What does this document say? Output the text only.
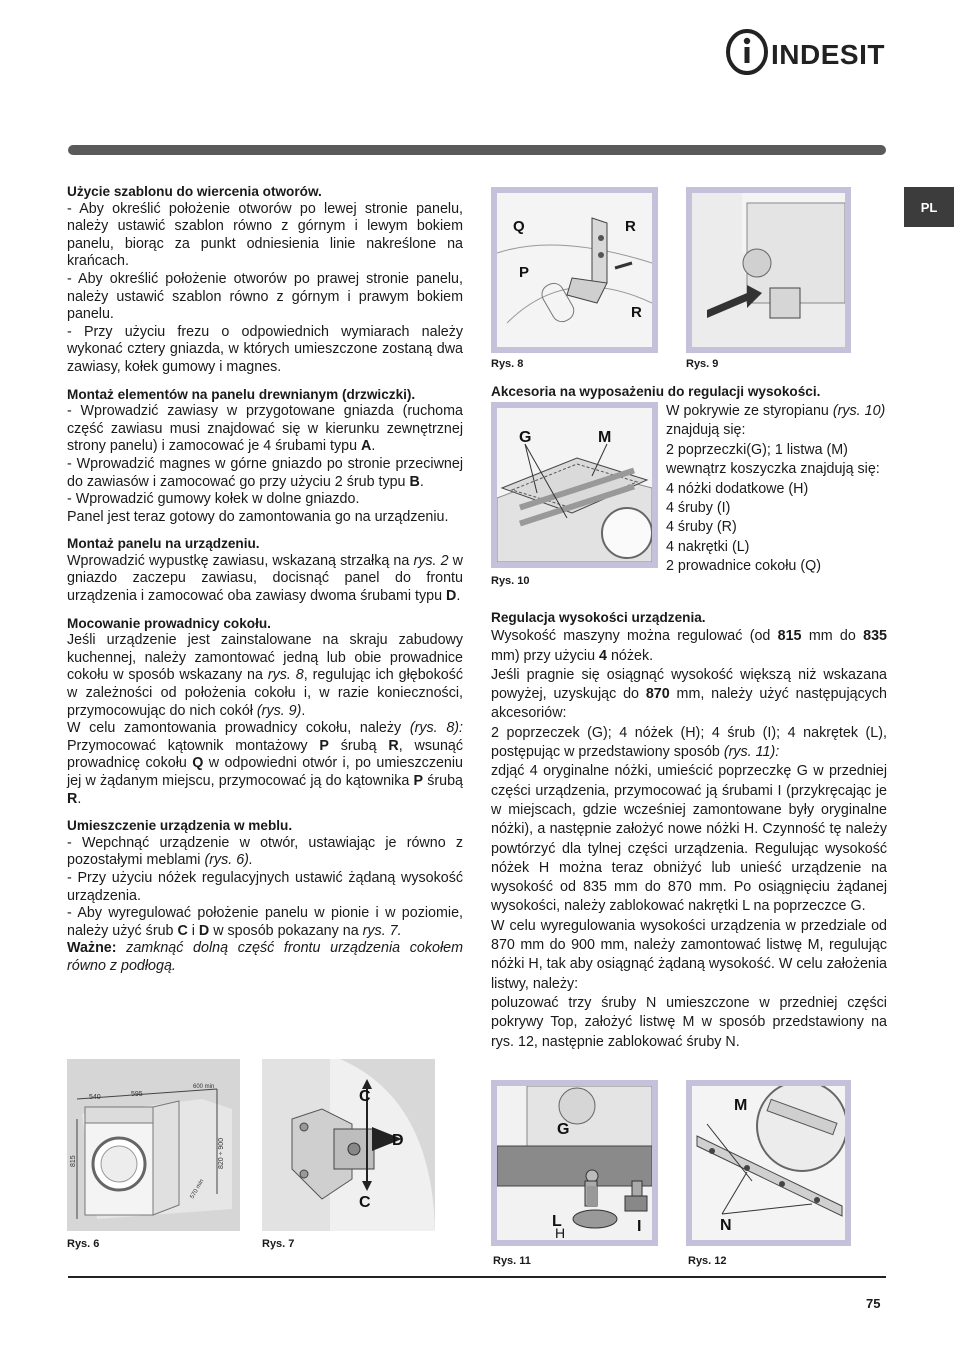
INDESIT
PL

Użycie szablonu do wiercenia otworów.

- Aby określić położenie otworów po lewej stronie panelu, należy ustawić szablon równo z górnym i lewym bokiem panelu, biorąc za punkt odniesienia linie nakreślone na krańcach.

- Aby określić położenie otworów po prawej stronie panelu, należy ustawić szablon równo z górnym i prawym bokiem panelu.

- Przy użyciu frezu o odpowiednich wymiarach należy wykonać cztery gniazda, w których umieszczone zostaną dwa zawiasy, kołek gumowy i magnes.

Montaż elementów na panelu drewnianym (drzwiczki).

- Wprowadzić zawiasy w przygotowane gniazda (ruchoma część zawiasu musi znajdować się w kierunku zewnętrznej strony panelu) i zamocować je 4 śrubami typu A.

- Wprowadzić magnes w górne gniazdo po stronie przeciwnej do zawiasów i zamocować go przy użyciu 2 śrub typu B.

- Wprowadzić gumowy kołek w dolne gniazdo.

Panel jest teraz gotowy do zamontowania go na urządzeniu.

Montaż panelu na urządzeniu.

Wprowadzić wypustkę zawiasu, wskazaną strzałką na rys. 2 w gniazdo zaczepu zawiasu, docisnąć panel do frontu urządzenia i zamocować oba zawiasy dwoma śrubami typu D.

Mocowanie prowadnicy cokołu.

Jeśli urządzenie jest zainstalowane na skraju zabudowy kuchennej, należy zamontować jedną lub obie prowadnice cokołu w sposób wskazany na rys. 8, regulując ich głębokość w zależności od położenia cokołu i, w razie konieczności, przymocowując do nich cokół (rys. 9).

W celu zamontowania prowadnicy cokołu, należy (rys. 8): Przymocować kątownik montażowy P śrubą R, wsunąć prowadnicę cokołu Q w odpowiedni otwór i, po umieszczeniu jej w żądanym miejscu, przymocować ją do kątownika P śrubą R.

Umieszczenie urządzenia w meblu.

- Wepchnąć urządzenie w otwór, ustawiając je równo z pozostałymi meblami (rys. 6).

- Przy użyciu nóżek regulacyjnych ustawić żądaną wysokość urządzenia.

- Aby wyregulować położenie panelu w pionie i w poziomie, należy użyć śrub C i D w sposób pokazany na rys. 7.

Ważne: zamknąć dolną część frontu urządzenia cokołem równo z podłogą.

540	595
600 min
815	820 ÷ 900
570 min
Rys. 6
C
D
C
Rys. 7
Q	R
P
R
Rys. 8	Rys. 9

Akcesoria na wyposażeniu do regulacji wysokości.

G	M
Rys. 10

W pokrywie ze styropianu (rys. 10) znajdują się:

2 poprzeczki(G); 1 listwa (M) wewnątrz koszyczka znajdują się:

4 nóżki dodatkowe (H)

4 śruby (I)

4 śruby (R)

4 nakrętki (L)

2 prowadnice cokołu (Q)

Regulacja wysokości urządzenia.

Wysokość maszyny można regulować (od 815 mm do 835 mm) przy użyciu 4 nóżek.

Jeśli pragnie się osiągnąć wysokość większą niż wskazana powyżej, uzyskując do 870 mm, należy użyć następujących akcesoriów:

2 poprzeczek (G); 4 nóżek (H); 4 śrub (I); 4 nakrętek (L), postępując w przedstawiony sposób (rys. 11):

zdjąć 4 oryginalne nóżki, umieścić poprzeczkę G w przedniej części urządzenia, przymocować ją śrubami I (przykręcając je w miejscach, gdzie wcześniej zamontowane były oryginalne nóżki), a następnie założyć nowe nóżki H. Czynność tę należy powtórzyć dla tylnej części urządzenia. Regulując wysokość nóżek H można teraz obniżyć lub unieść urządzenie na wysokość od 835 mm do 870 mm. Po osiągnięciu żądanej wysokości, należy zablokować nakrętki L na poprzeczce G.

W celu wyregulowania wysokości urządzenia w przedziale od 870 mm do 900 mm, należy zamontować listwę M, regulując nóżki H, tak aby osiągnąć żądaną wysokość. W celu założenia listwy, należy:

poluzować trzy śruby N umieszczone w przedniej części pokrywy Top, założyć listwę M w sposób przedstawiony na rys. 12, następnie zablokować śruby N.

G
L
H	I
Rys. 11
M
N
Rys. 12
75
